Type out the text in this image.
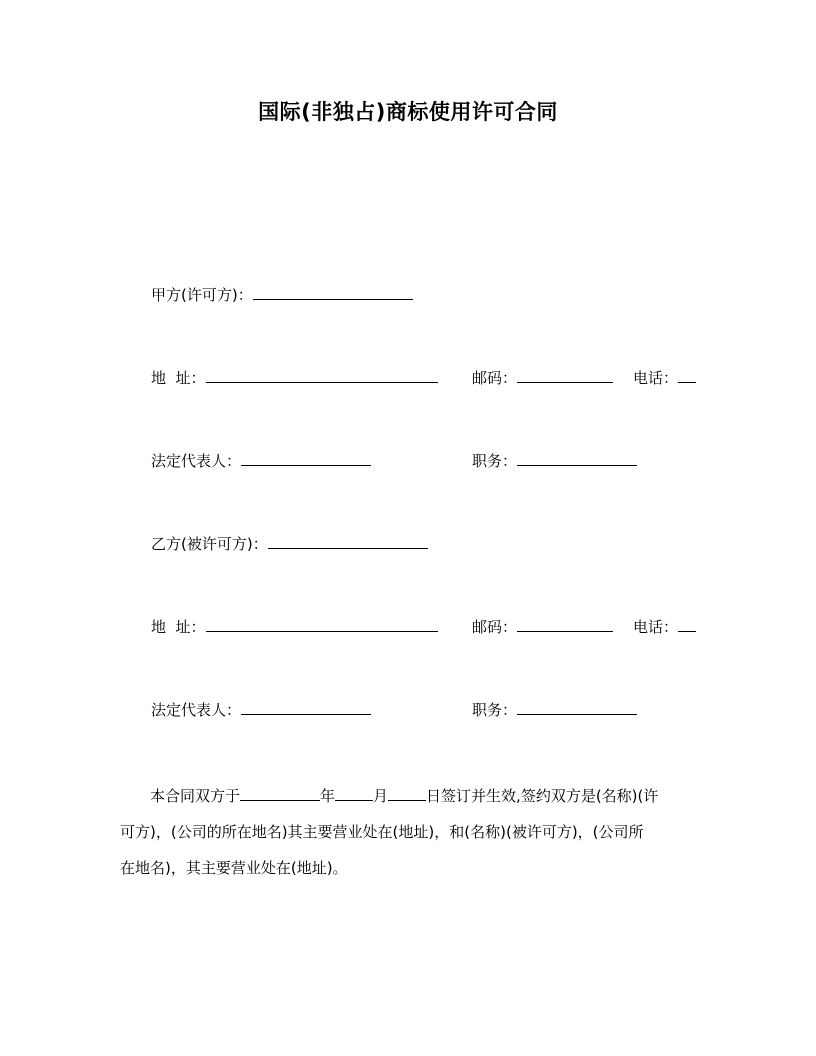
国际(非独占)商标使用许可合同
甲方(许可方)：
地  址：	邮码：	电话：
法定代表人：	职务：
乙方(被许可方)：
地  址：	邮码：	电话：
法定代表人：	职务：
本合同双方于	年	月	日签订并生效,签约双方是(名称)(许
可方)，(公司的所在地名)其主要营业处在(地址)，和(名称)(被许可方)，(公司所
在地名)，其主要营业处在(地址)。
